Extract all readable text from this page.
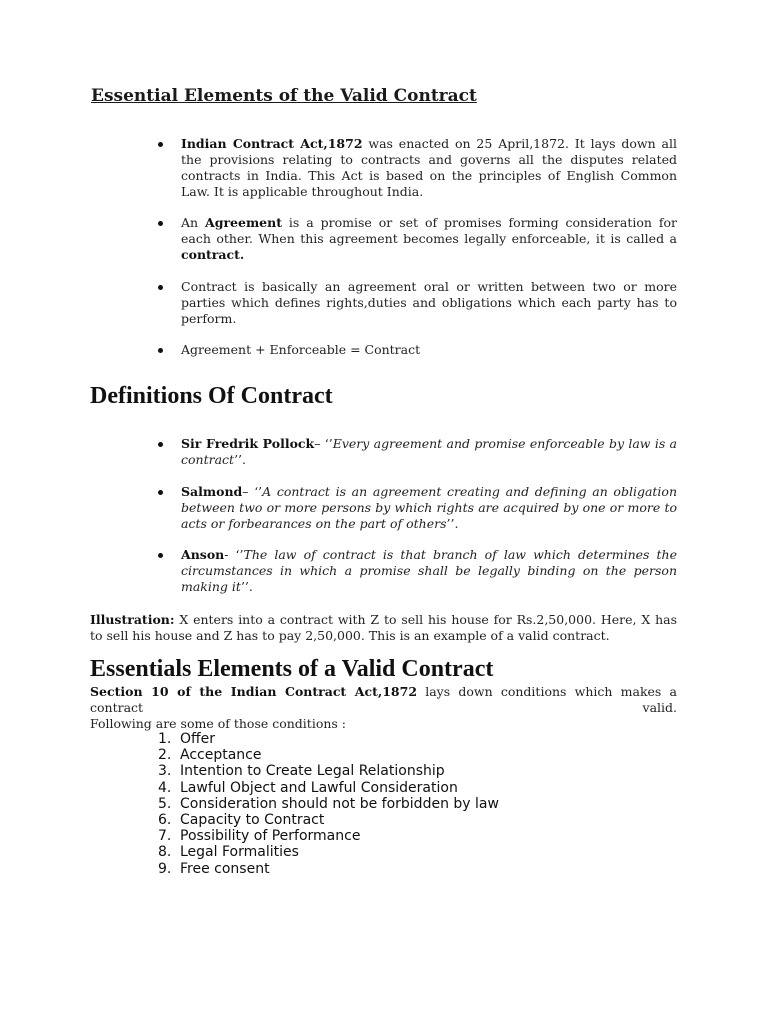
Essential Elements of the Valid Contract
Indian Contract Act,1872 was enacted on 25 April,1872. It lays down all the provisions relating to contracts and governs all the disputes related contracts in India. This Act is based on the principles of English Common Law. It is applicable throughout India.
An Agreement is a promise or set of promises forming consideration for each other. When this agreement becomes legally enforceable, it is called a contract.
Contract is basically an agreement oral or written between two or more parties which defines rights,duties and obligations which each party has to perform.
Agreement + Enforceable = Contract
Definitions Of Contract
Sir Fredrik Pollock– ‘’Every agreement and promise enforceable by law is a contract’’.
Salmond– ‘’A contract is an agreement creating and defining an obligation between two or more persons by which rights are acquired by one or more to acts or forbearances on the part of others’’.
Anson- ‘’The law of contract is that branch of law which determines the circumstances in which a promise shall be legally binding on the person making it’’.
Illustration: X enters into a contract with Z to sell his house for Rs.2,50,000. Here, X has to sell his house and Z has to pay 2,50,000. This is an example of a valid contract.
Essentials Elements of a Valid Contract
Section 10 of the Indian Contract Act,1872 lays down conditions which makes a contract valid.
Following are some of those conditions :
1. Offer
2. Acceptance
3. Intention to Create Legal Relationship
4. Lawful Object and Lawful Consideration
5. Consideration should not be forbidden by law
6. Capacity to Contract
7. Possibility of Performance
8. Legal Formalities
9. Free consent
